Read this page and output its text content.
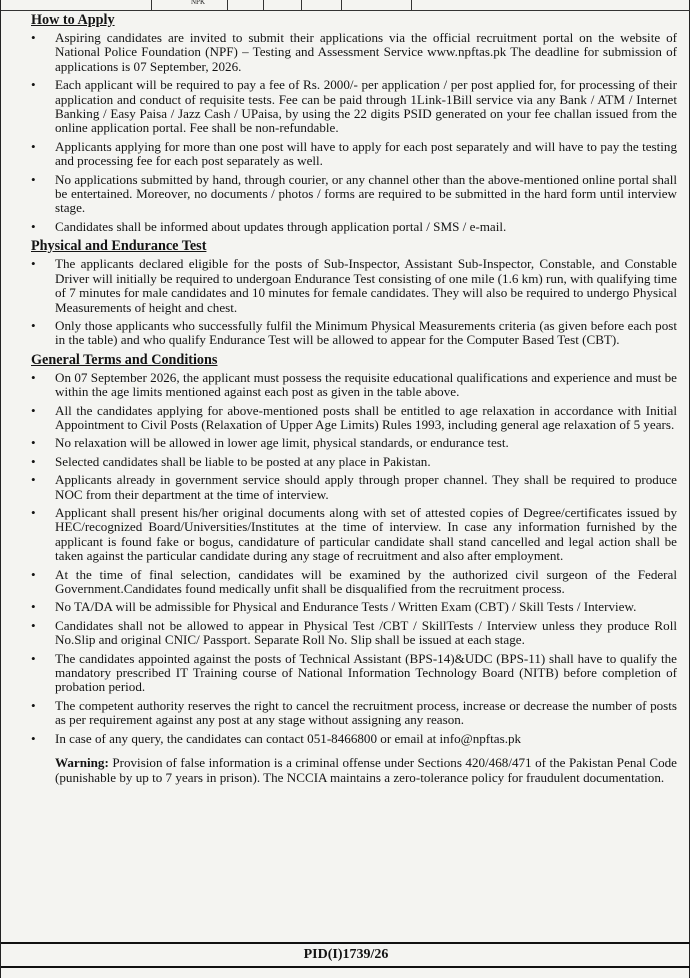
NPK
How to Apply
• Aspiring candidates are invited to submit their applications via the official recruitment portal on the website of National Police Foundation (NPF) – Testing and Assessment Service www.npftas.pk The deadline for submission of applications is 07 September, 2026.
• Each applicant will be required to pay a fee of Rs. 2000/- per application / per post applied for, for processing of their application and conduct of requisite tests. Fee can be paid through 1Link-1Bill service via any Bank / ATM / Internet Banking / Easy Paisa / Jazz Cash / UPaisa, by using the 22 digits PSID generated on your fee challan issued from the online application portal. Fee shall be non-refundable.
• Applicants applying for more than one post will have to apply for each post separately and will have to pay the testing and processing fee for each post separately as well.
• No applications submitted by hand, through courier, or any channel other than the above-mentioned online portal shall be entertained. Moreover, no documents / photos / forms are required to be submitted in the hard form until interview stage.
• Candidates shall be informed about updates through application portal / SMS / e-mail.
Physical and Endurance Test
• The applicants declared eligible for the posts of Sub-Inspector, Assistant Sub-Inspector, Constable, and Constable Driver will initially be required to undergoan Endurance Test consisting of one mile (1.6 km) run, with qualifying time of 7 minutes for male candidates and 10 minutes for female candidates. They will also be required to undergo Physical Measurements of height and chest.
• Only those applicants who successfully fulfil the Minimum Physical Measurements criteria (as given before each post in the table) and who qualify Endurance Test will be allowed to appear for the Computer Based Test (CBT).
General Terms and Conditions
• On 07 September 2026, the applicant must possess the requisite educational qualifications and experience and must be within the age limits mentioned against each post as given in the table above.
• All the candidates applying for above-mentioned posts shall be entitled to age relaxation in accordance with Initial Appointment to Civil Posts (Relaxation of Upper Age Limits) Rules 1993, including general age relaxation of 5 years.
• No relaxation will be allowed in lower age limit, physical standards, or endurance test.
• Selected candidates shall be liable to be posted at any place in Pakistan.
• Applicants already in government service should apply through proper channel. They shall be required to produce NOC from their department at the time of interview.
• Applicant shall present his/her original documents along with set of attested copies of Degree/certificates issued by HEC/recognized Board/Universities/Institutes at the time of interview. In case any information furnished by the applicant is found fake or bogus, candidature of particular candidate shall stand cancelled and legal action shall be taken against the particular candidate during any stage of recruitment and also after employment.
• At the time of final selection, candidates will be examined by the authorized civil surgeon of the Federal Government.Candidates found medically unfit shall be disqualified from the recruitment process.
• No TA/DA will be admissible for Physical and Endurance Tests / Written Exam (CBT) / Skill Tests / Interview.
• Candidates shall not be allowed to appear in Physical Test /CBT / SkillTests / Interview unless they produce Roll No.Slip and original CNIC/ Passport. Separate Roll No. Slip shall be issued at each stage.
• The candidates appointed against the posts of Technical Assistant (BPS-14)&UDC (BPS-11) shall have to qualify the mandatory prescribed IT Training course of National Information Technology Board (NITB) before completion of probation period.
• The competent authority reserves the right to cancel the recruitment process, increase or decrease the number of posts as per requirement against any post at any stage without assigning any reason.
• In case of any query, the candidates can contact 051-8466800 or email at info@npftas.pk

Warning: Provision of false information is a criminal offense under Sections 420/468/471 of the Pakistan Penal Code (punishable by up to 7 years in prison). The NCCIA maintains a zero-tolerance policy for fraudulent documentation.

PID(I)1739/26
